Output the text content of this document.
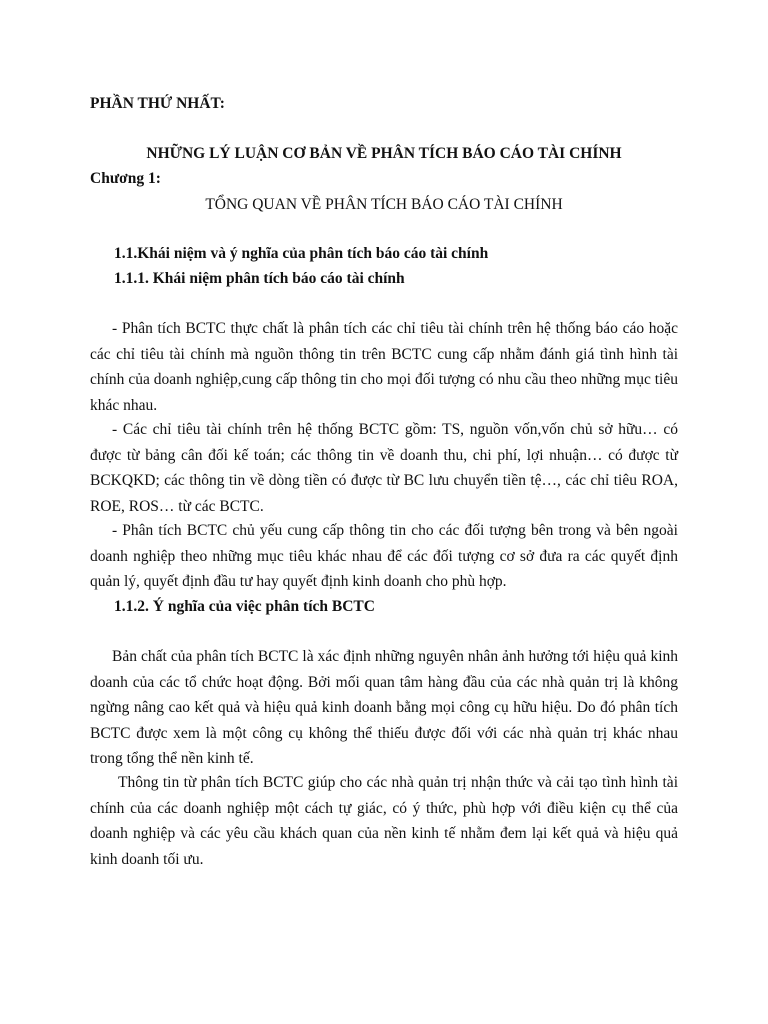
PHẦN THỨ NHẤT:
NHỮNG LÝ LUẬN CƠ BẢN VỀ PHÂN TÍCH BÁO CÁO TÀI CHÍNH
Chương 1:
TỔNG QUAN VỀ PHÂN TÍCH BÁO CÁO TÀI CHÍNH
1.1.Khái niệm và ý nghĩa của phân tích báo cáo tài chính
1.1.1. Khái niệm phân tích báo cáo tài chính
- Phân tích BCTC thực chất là phân tích các chỉ tiêu tài chính trên hệ thống báo cáo hoặc các chỉ tiêu tài chính mà nguồn thông tin trên BCTC cung cấp nhằm đánh giá tình hình tài chính của doanh nghiệp,cung cấp thông tin cho mọi đối tượng có nhu cầu theo những mục tiêu khác nhau.
- Các chỉ tiêu tài chính trên hệ thống BCTC gồm: TS, nguồn vốn,vốn chủ sở hữu… có được từ bảng cân đối kế toán; các thông tin về doanh thu, chi phí, lợi nhuận… có được từ BCKQKD; các thông tin về dòng tiền có được từ BC lưu chuyển tiền tệ…, các chỉ tiêu ROA, ROE, ROS… từ các BCTC.
- Phân tích BCTC chủ yếu cung cấp thông tin cho các đối tượng bên trong và bên ngoài doanh nghiệp theo những mục tiêu khác nhau để các đối tượng cơ sở đưa ra các quyết định quản lý, quyết định đầu tư hay quyết định kinh doanh cho phù hợp.
1.1.2. Ý nghĩa của việc phân tích BCTC
Bản chất của phân tích BCTC là xác định những nguyên nhân ảnh hưởng tới hiệu quả kinh doanh của các tổ chức hoạt động. Bởi mối quan tâm hàng đầu của các nhà quản trị là không ngừng nâng cao kết quả và hiệu quả kinh doanh bằng mọi công cụ hữu hiệu. Do đó phân tích BCTC được xem là một công cụ không thể thiếu được đối với các nhà quản trị khác nhau trong tổng thể nền kinh tế.
Thông tin từ phân tích BCTC giúp cho các nhà quản trị nhận thức và cải tạo tình hình tài chính của các doanh nghiệp một cách tự giác, có ý thức, phù hợp với điều kiện cụ thể của doanh nghiệp và các yêu cầu khách quan của nền kinh tế nhằm đem lại kết quả và hiệu quả kinh doanh tối ưu.
